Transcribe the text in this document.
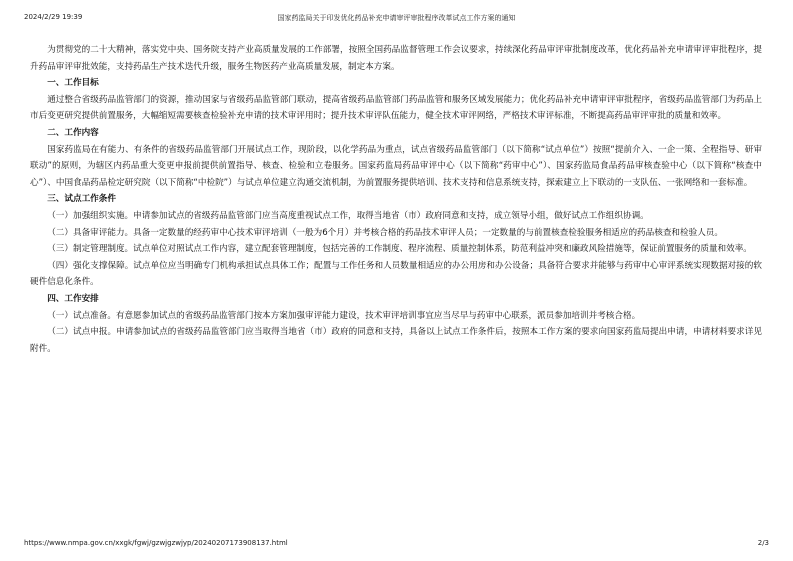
2024/2/29 19:39	国家药监局关于印发优化药品补充申请审评审批程序改革试点工作方案的通知

为贯彻党的二十大精神，落实党中央、国务院支持产业高质量发展的工作部署，按照全国药品监督管理工作会议要求，持续深化药品审评审批制度改革，优化药品补充申请审评审批程序，提升药品审评审批效能，支持药品生产技术迭代升级，服务生物医药产业高质量发展，制定本方案。

一、工作目标

通过整合省级药品监管部门的资源，推动国家与省级药品监管部门联动，提高省级药品监管部门药品监管和服务区域发展能力；优化药品补充申请审评审批程序，省级药品监管部门为药品上市后变更研究提供前置服务，大幅缩短需要核查检验补充申请的技术审评用时；提升技术审评队伍能力，健全技术审评网络，严格技术审评标准，不断提高药品审评审批的质量和效率。

二、工作内容

国家药监局在有能力、有条件的省级药品监管部门开展试点工作，现阶段，以化学药品为重点，试点省级药品监管部门（以下简称“试点单位”）按照“提前介入、一企一策、全程指导、研审联动”的原则，为辖区内药品重大变更申报前提供前置指导、核查、检验和立卷服务。国家药监局药品审评中心（以下简称“药审中心”）、国家药监局食品药品审核查验中心（以下简称“核查中心”）、中国食品药品检定研究院（以下简称“中检院”）与试点单位建立沟通交流机制，为前置服务提供培训、技术支持和信息系统支持，探索建立上下联动的一支队伍、一张网络和一套标准。

三、试点工作条件

（一）加强组织实施。申请参加试点的省级药品监管部门应当高度重视试点工作，取得当地省（市）政府同意和支持，成立领导小组，做好试点工作组织协调。

（二）具备审评能力。具备一定数量的经药审中心技术审评培训（一般为6个月）并考核合格的药品技术审评人员；一定数量的与前置核查检验服务相适应的药品核查和检验人员。

（三）制定管理制度。试点单位对照试点工作内容，建立配套管理制度，包括完善的工作制度、程序流程、质量控制体系，防范利益冲突和廉政风险措施等，保证前置服务的质量和效率。

（四）强化支撑保障。试点单位应当明确专门机构承担试点具体工作；配置与工作任务和人员数量相适应的办公用房和办公设备；具备符合要求并能够与药审中心审评系统实现数据对接的软硬件信息化条件。

四、工作安排

（一）试点准备。有意愿参加试点的省级药品监管部门按本方案加强审评能力建设，技术审评培训事宜应当尽早与药审中心联系，派员参加培训并考核合格。

（二）试点申报。申请参加试点的省级药品监管部门应当取得当地省（市）政府的同意和支持，具备以上试点工作条件后，按照本工作方案的要求向国家药监局提出申请，申请材料要求详见附件。

https://www.nmpa.gov.cn/xxgk/fgwj/gzwjgzwjyp/20240207173908137.html	2/3
